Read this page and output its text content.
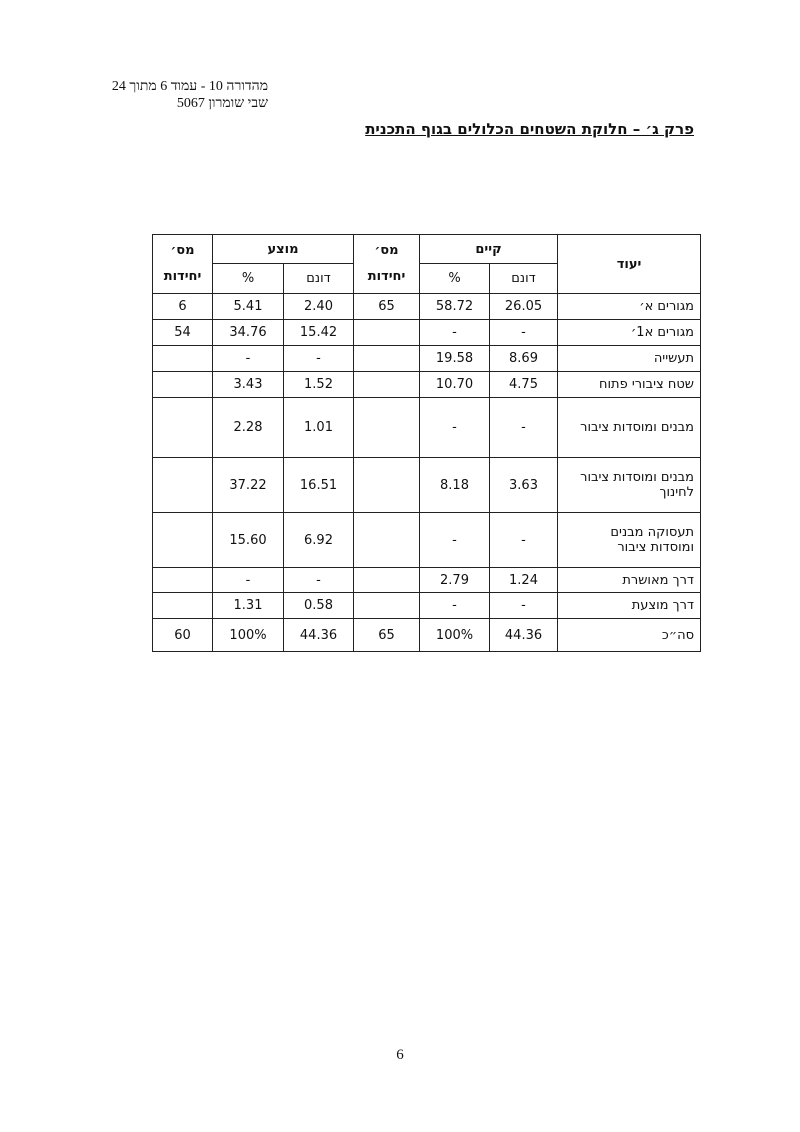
מהדורה 10 - עמוד 6 מתוך 24
שבי שומרון 5067
פרק ג׳ – חלוקת השטחים הכלולים בגוף התכנית
יעוד	קיים		מס׳ יחידות	מוצע		מס׳ יחידות
	דונם	%		דונם	%	
מגורים א׳	26.05	58.72	65	2.40	5.41	6
מגורים א1׳	-	-		15.42	34.76	54
תעשייה	8.69	19.58		-	-	
שטח ציבורי פתוח	4.75	10.70		1.52	3.43	
מבנים ומוסדות ציבור	-	-		1.01	2.28	
מבנים ומוסדות ציבור לחינוך	3.63	8.18		16.51	37.22	
תעסוקה מבנים ומוסדות ציבור	-	-		6.92	15.60	
דרך מאושרת	1.24	2.79		-	-	
דרך מוצעת	-	-		0.58	1.31	
סה״כ	44.36	100%	65	44.36	100%	60
6
